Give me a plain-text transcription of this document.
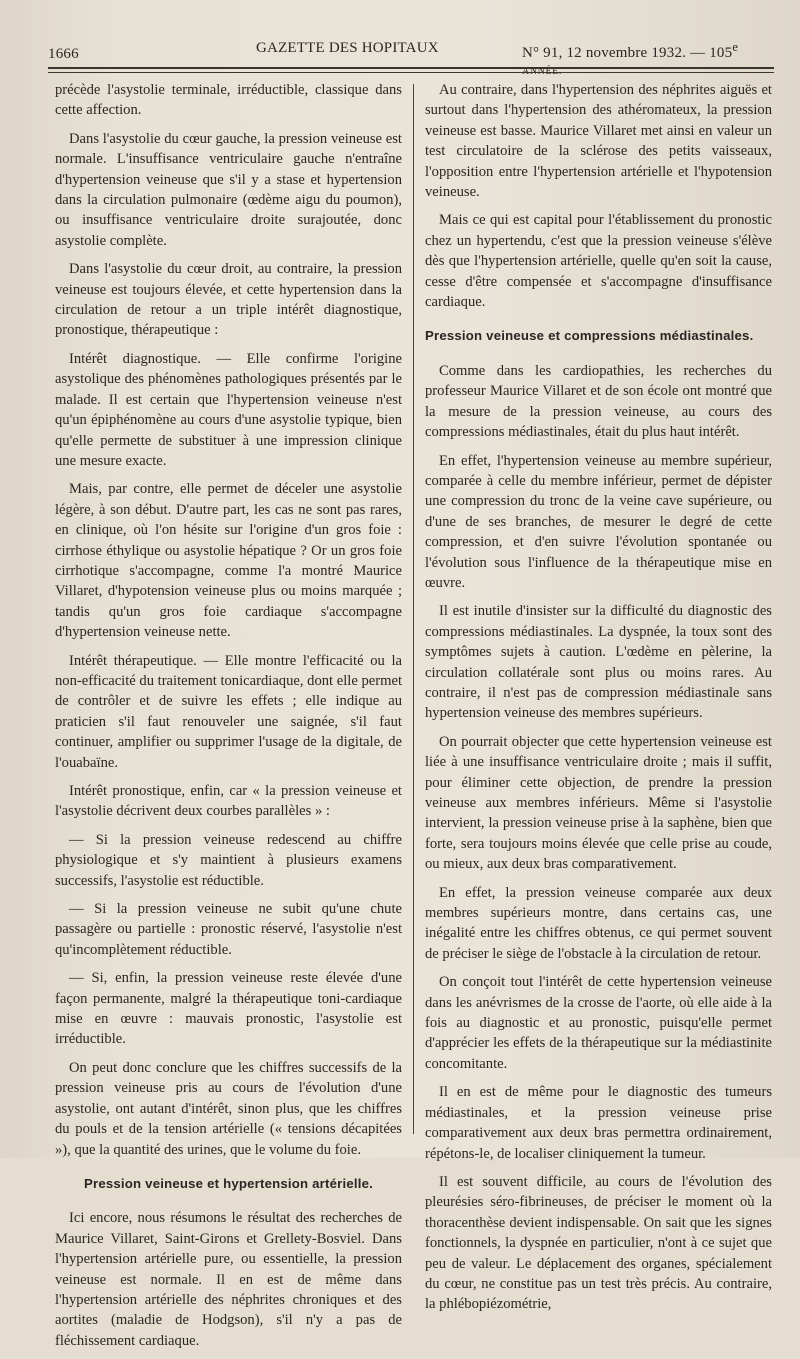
1666	GAZETTE DES HOPITAUX	N° 91, 12 novembre 1932. — 105e ANNÉE.

précède l'asystolie terminale, irréductible, classique dans cette affection.

Dans l'asystolie du cœur gauche, la pression veineuse est normale. L'insuffisance ventriculaire gauche n'entraîne d'hypertension veineuse que s'il y a stase et hypertension dans la circulation pulmonaire (œdème aigu du poumon), ou insuffisance ventriculaire droite surajoutée, donc asystolie complète.

Dans l'asystolie du cœur droit, au contraire, la pression veineuse est toujours élevée, et cette hypertension dans la circulation de retour a un triple intérêt diagnostique, pronostique, thérapeutique :

Intérêt diagnostique. — Elle confirme l'origine asystolique des phénomènes pathologiques présentés par le malade. Il est certain que l'hypertension veineuse n'est qu'un épiphénomène au cours d'une asystolie typique, bien qu'elle permette de substituer à une impression clinique une mesure exacte.

Mais, par contre, elle permet de déceler une asystolie légère, à son début. D'autre part, les cas ne sont pas rares, en clinique, où l'on hésite sur l'origine d'un gros foie : cirrhose éthylique ou asystolie hépatique ? Or un gros foie cirrhotique s'accompagne, comme l'a montré Maurice Villaret, d'hypotension veineuse plus ou moins marquée ; tandis qu'un gros foie cardiaque s'accompagne d'hypertension veineuse nette.

Intérêt thérapeutique. — Elle montre l'efficacité ou la non-efficacité du traitement tonicardiaque, dont elle permet de contrôler et de suivre les effets ; elle indique au praticien s'il faut renouveler une saignée, s'il faut continuer, amplifier ou supprimer l'usage de la digitale, de l'ouabaïne.

Intérêt pronostique, enfin, car « la pression veineuse et l'asystolie décrivent deux courbes parallèles » :

— Si la pression veineuse redescend au chiffre physiologique et s'y maintient à plusieurs examens successifs, l'asystolie est réductible.

— Si la pression veineuse ne subit qu'une chute passagère ou partielle : pronostic réservé, l'asystolie n'est qu'incomplètement réductible.

— Si, enfin, la pression veineuse reste élevée d'une façon permanente, malgré la thérapeutique toni-cardiaque mise en œuvre : mauvais pronostic, l'asystolie est irréductible.

On peut donc conclure que les chiffres successifs de la pression veineuse pris au cours de l'évolution d'une asystolie, ont autant d'intérêt, sinon plus, que les chiffres du pouls et de la tension artérielle (« tensions décapitées »), que la quantité des urines, que le volume du foie.

Pression veineuse et hypertension artérielle.

Ici encore, nous résumons le résultat des recherches de Maurice Villaret, Saint-Girons et Grellety-Bosviel. Dans l'hypertension artérielle pure, ou essentielle, la pression veineuse est normale. Il en est de même dans l'hypertension artérielle des néphrites chroniques et des aortites (maladie de Hodgson), s'il n'y a pas de fléchissement cardiaque.

Au contraire, dans l'hypertension des néphrites aiguës et surtout dans l'hypertension des athéromateux, la pression veineuse est basse. Maurice Villaret met ainsi en valeur un test circulatoire de la sclérose des petits vaisseaux, l'opposition entre l'hypertension artérielle et l'hypotension veineuse.

Mais ce qui est capital pour l'établissement du pronostic chez un hypertendu, c'est que la pression veineuse s'élève dès que l'hypertension artérielle, quelle qu'en soit la cause, cesse d'être compensée et s'accompagne d'insuffisance cardiaque.

Pression veineuse et compressions médiastinales.

Comme dans les cardiopathies, les recherches du professeur Maurice Villaret et de son école ont montré que la mesure de la pression veineuse, au cours des compressions médiastinales, était du plus haut intérêt.

En effet, l'hypertension veineuse au membre supérieur, comparée à celle du membre inférieur, permet de dépister une compression du tronc de la veine cave supérieure, ou d'une de ses branches, de mesurer le degré de cette compression, et d'en suivre l'évolution spontanée ou l'évolution sous l'influence de la thérapeutique mise en œuvre.

Il est inutile d'insister sur la difficulté du diagnostic des compressions médiastinales. La dyspnée, la toux sont des symptômes sujets à caution. L'œdème en pèlerine, la circulation collatérale sont plus ou moins rares. Au contraire, il n'est pas de compression médiastinale sans hypertension veineuse des membres supérieurs.

On pourrait objecter que cette hypertension veineuse est liée à une insuffisance ventriculaire droite ; mais il suffit, pour éliminer cette objection, de prendre la pression veineuse aux membres inférieurs. Même si l'asystolie intervient, la pression veineuse prise à la saphène, bien que forte, sera toujours moins élevée que celle prise au coude, ou mieux, aux deux bras comparativement.

En effet, la pression veineuse comparée aux deux membres supérieurs montre, dans certains cas, une inégalité entre les chiffres obtenus, ce qui permet souvent de préciser le siège de l'obstacle à la circulation de retour.

On conçoit tout l'intérêt de cette hypertension veineuse dans les anévrismes de la crosse de l'aorte, où elle aide à la fois au diagnostic et au pronostic, puisqu'elle permet d'apprécier les effets de la thérapeutique sur la médiastinite concomitante.

Il en est de même pour le diagnostic des tumeurs médiastinales, et la pression veineuse prise comparativement aux deux bras permettra ordinairement, répétons-le, de localiser cliniquement la tumeur.

Il est souvent difficile, au cours de l'évolution des pleurésies séro-fibrineuses, de préciser le moment où la thoracenthèse devient indispensable. On sait que les signes fonctionnels, la dyspnée en particulier, n'ont à ce sujet que peu de valeur. Le déplacement des organes, spécialement du cœur, ne constitue pas un test très précis. Au contraire, la phlébopiézométrie,
